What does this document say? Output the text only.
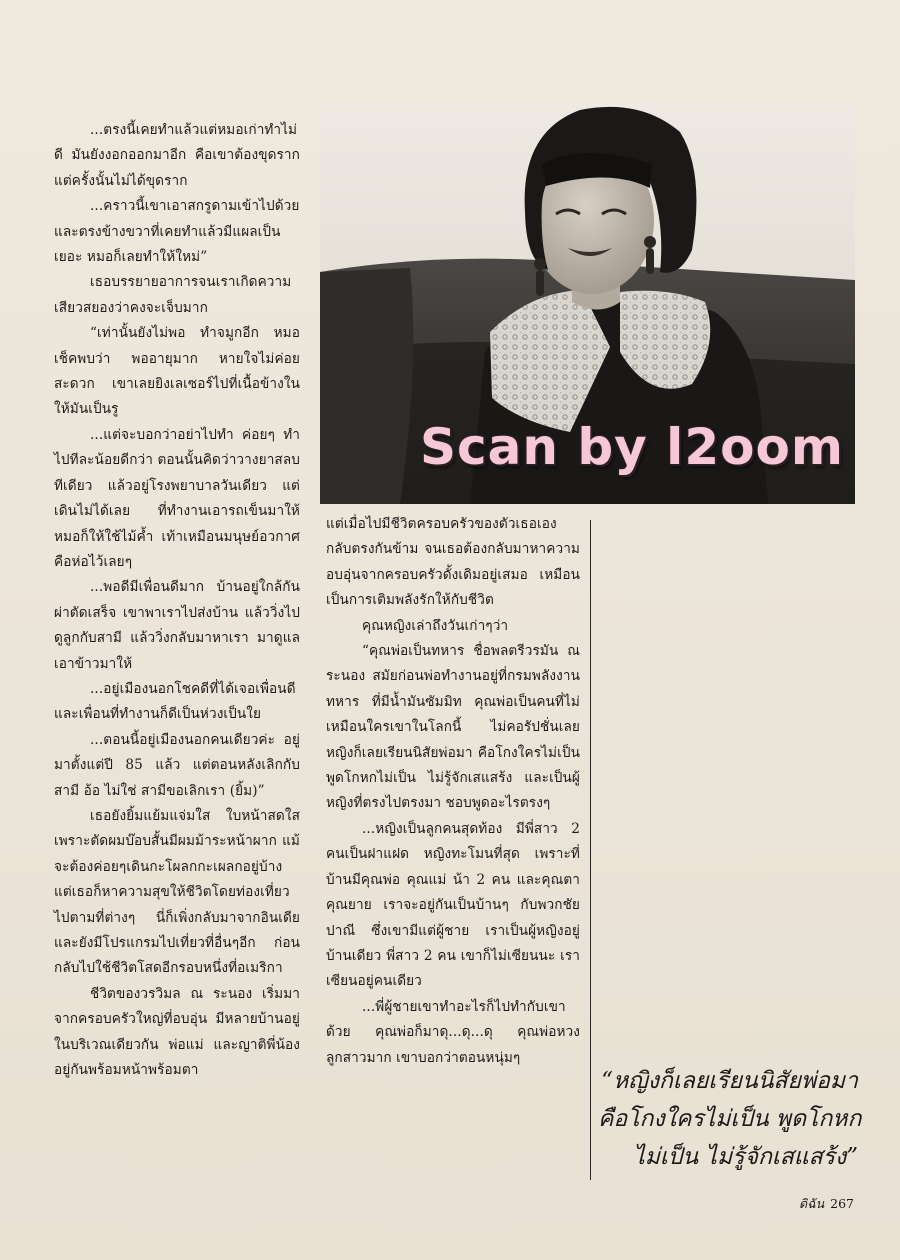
...ตรงนี้เคยทำแล้วแต่หมอเก่าทำไม่ดี มันยังงอกออกมาอีก คือเขาต้องขุดราก แต่ครั้งนั้นไม่ได้ขุดราก

...คราวนี้เขาเอาสกรูดามเข้าไปด้วย และตรงข้างขวาที่เคยทำแล้วมีแผลเป็นเยอะ หมอก็เลยทำให้ใหม่”

เธอบรรยายอาการจนเราเกิดความเสียวสยองว่าคงจะเจ็บมาก

“เท่านั้นยังไม่พอ ทำจมูกอีก หมอเช็คพบว่า พออายุมาก หายใจไม่ค่อยสะดวก เขาเลยยิงเลเซอร์ไปที่เนื้อข้างใน ให้มันเป็นรู

...แต่จะบอกว่าอย่าไปทำ ค่อยๆ ทำไปทีละน้อยดีกว่า ตอนนั้นคิดว่าวางยาสลบทีเดียว แล้วอยู่โรงพยาบาลวันเดียว แต่เดินไม่ได้เลย ที่ทำงานเอารถเข็นมาให้ หมอก็ให้ใช้ไม้ค้ำ เท้าเหมือนมนุษย์อวกาศ คือห่อไว้เลยๆ

...พอดีมีเพื่อนดีมาก บ้านอยู่ใกล้กัน ผ่าตัดเสร็จ เขาพาเราไปส่งบ้าน แล้ววิ่งไปดูลูกกับสามี แล้ววิ่งกลับมาหาเรา มาดูแล เอาข้าวมาให้

...อยู่เมืองนอกโชคดีที่ได้เจอเพื่อนดี และเพื่อนที่ทำงานก็ดีเป็นห่วงเป็นใย

...ตอนนี้อยู่เมืองนอกคนเดียวค่ะ อยู่มาตั้งแต่ปี 85 แล้ว แต่ตอนหลังเลิกกับสามี อ้อ ไม่ใช่ สามีขอเลิกเรา (ยิ้ม)”

เธอยังยิ้มแย้มแจ่มใส ใบหน้าสดใสเพราะตัดผมบ๊อบสั้นมีผมม้าระหน้าผาก แม้จะต้องค่อยๆเดินกะโผลกกะเผลกอยู่บ้าง แต่เธอก็หาความสุขให้ชีวิตโดยท่องเที่ยวไปตามที่ต่างๆ นี่ก็เพิ่งกลับมาจากอินเดีย และยังมีโปรแกรมไปเที่ยวที่อื่นๆอีก ก่อนกลับไปใช้ชีวิตโสดอีกรอบหนึ่งที่อเมริกา

ชีวิตของวรวิมล ณ ระนอง เริ่มมาจากครอบครัวใหญ่ที่อบอุ่น มีหลายบ้านอยู่ในบริเวณเดียวกัน พ่อแม่ และญาติพี่น้องอยู่กันพร้อมหน้าพร้อมตา

Scan by l2oom

แต่เมื่อไปมีชีวิตครอบครัวของตัวเธอเอง กลับตรงกันข้าม จนเธอต้องกลับมาหาความอบอุ่นจากครอบครัวดั้งเดิมอยู่เสมอ เหมือนเป็นการเติมพลังรักให้กับชีวิต

คุณหญิงเล่าถึงวันเก่าๆว่า

“คุณพ่อเป็นทหาร ชื่อพลตรีวรมัน ณ ระนอง สมัยก่อนพ่อทำงานอยู่ที่กรมพลังงานทหาร ที่มีน้ำมันซัมมิท คุณพ่อเป็นคนที่ไม่เหมือนใครเขาในโลกนี้ ไม่คอรัปชั่นเลย หญิงก็เลยเรียนนิสัยพ่อมา คือโกงใครไม่เป็น พูดโกหกไม่เป็น ไม่รู้จักเสแสร้ง และเป็นผู้หญิงที่ตรงไปตรงมา ชอบพูดอะไรตรงๆ

...หญิงเป็นลูกคนสุดท้อง มีพี่สาว 2 คนเป็นฝาแฝด หญิงทะโมนที่สุด เพราะที่บ้านมีคุณพ่อ คุณแม่ น้า 2 คน และคุณตาคุณยาย เราจะอยู่กันเป็นบ้านๆ กับพวกชัยปาณี ซึ่งเขามีแต่ผู้ชาย เราเป็นผู้หญิงอยู่บ้านเดียว พี่สาว 2 คน เขาก็ไม่เซียนนะ เราเซียนอยู่คนเดียว

...พี่ผู้ชายเขาทำอะไรก็ไปทำกับเขาด้วย คุณพ่อก็มาดุ...ดุ...ดุ คุณพ่อหวงลูกสาวมาก เขาบอกว่าตอนหนุ่มๆ

“หญิงก็เลยเรียนนิสัยพ่อมา
คือโกงใครไม่เป็น พูดโกหก
ไม่เป็น ไม่รู้จักเสแสร้ง”
ดิฉัน 267
